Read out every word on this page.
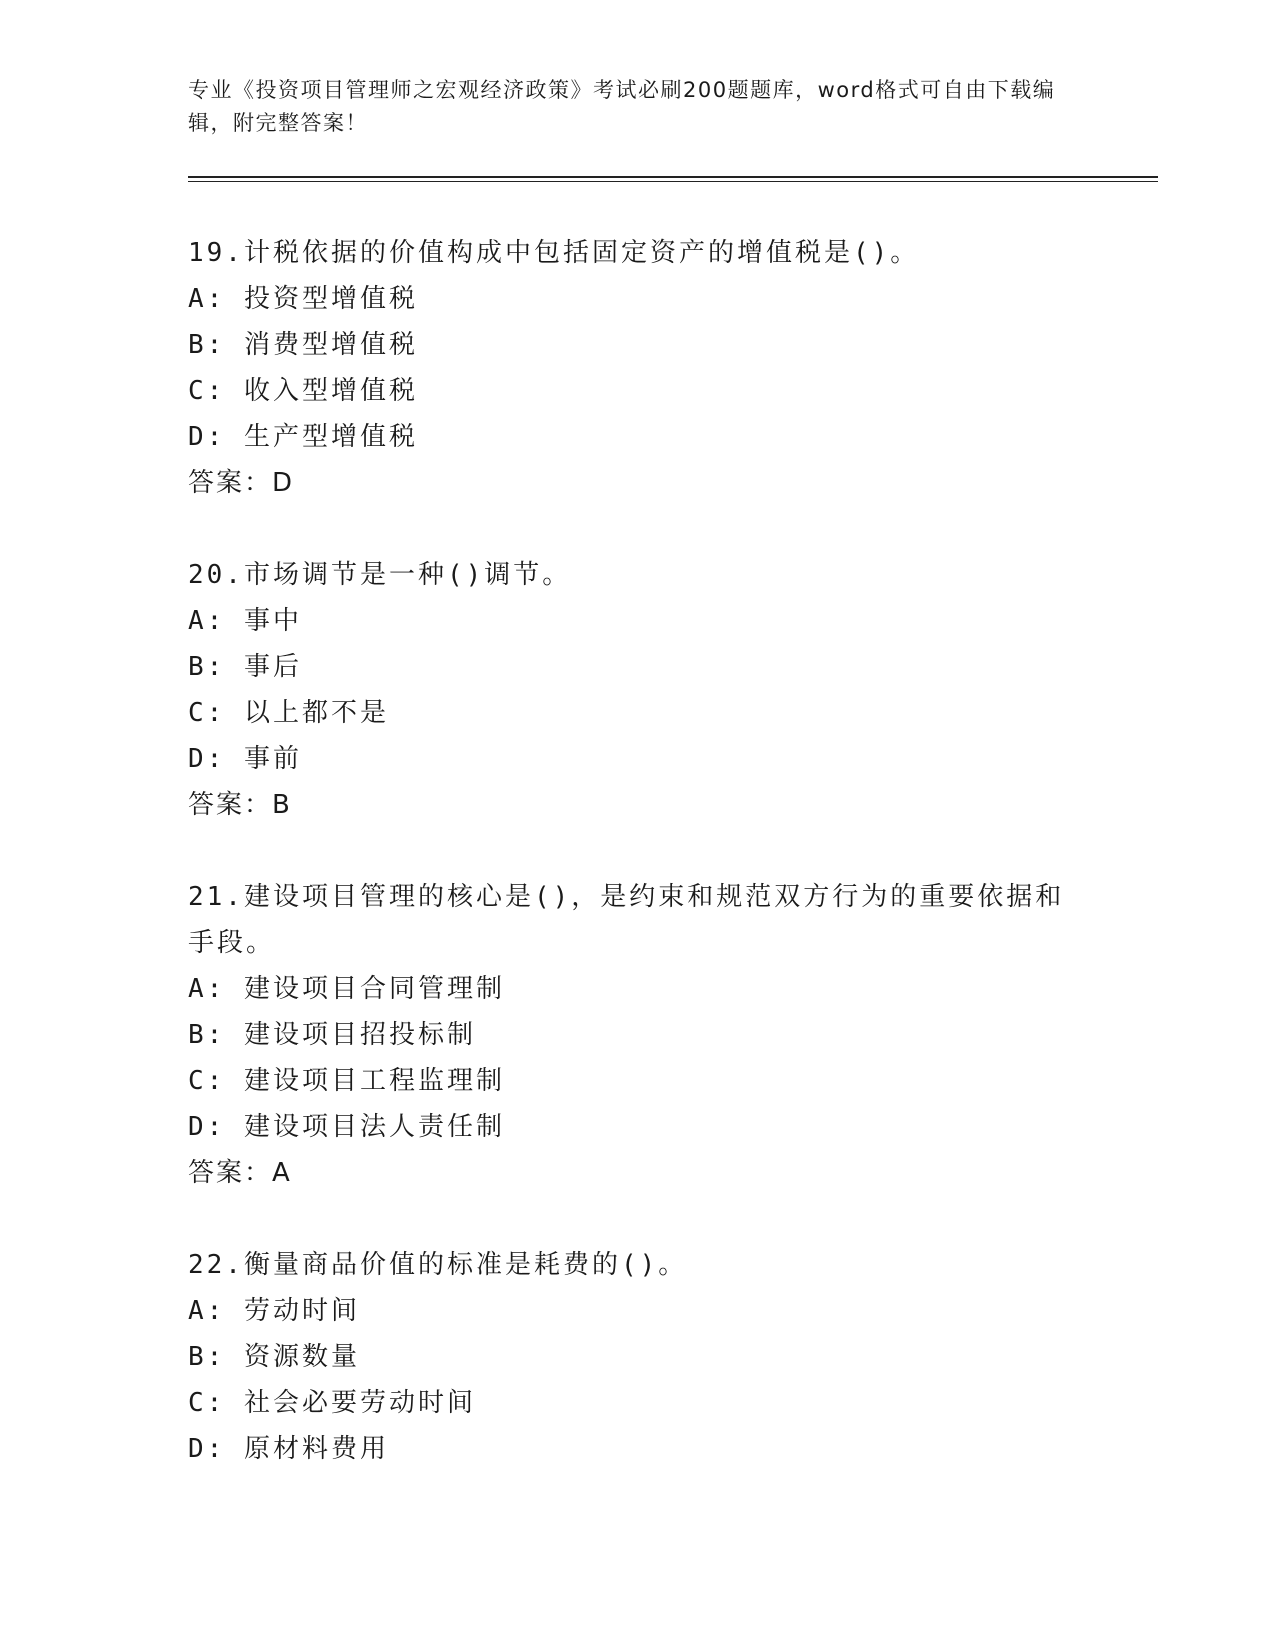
专业《投资项目管理师之宏观经济政策》考试必刷200题题库，word格式可自由下载编辑，附完整答案！
19.计税依据的价值构成中包括固定资产的增值税是()。
A: 投资型增值税
B: 消费型增值税
C: 收入型增值税
D: 生产型增值税
答案：D
20.市场调节是一种()调节。
A: 事中
B: 事后
C: 以上都不是
D: 事前
答案：B
21.建设项目管理的核心是()，是约束和规范双方行为的重要依据和手段。
A: 建设项目合同管理制
B: 建设项目招投标制
C: 建设项目工程监理制
D: 建设项目法人责任制
答案：A
22.衡量商品价值的标准是耗费的()。
A: 劳动时间
B: 资源数量
C: 社会必要劳动时间
D: 原材料费用
